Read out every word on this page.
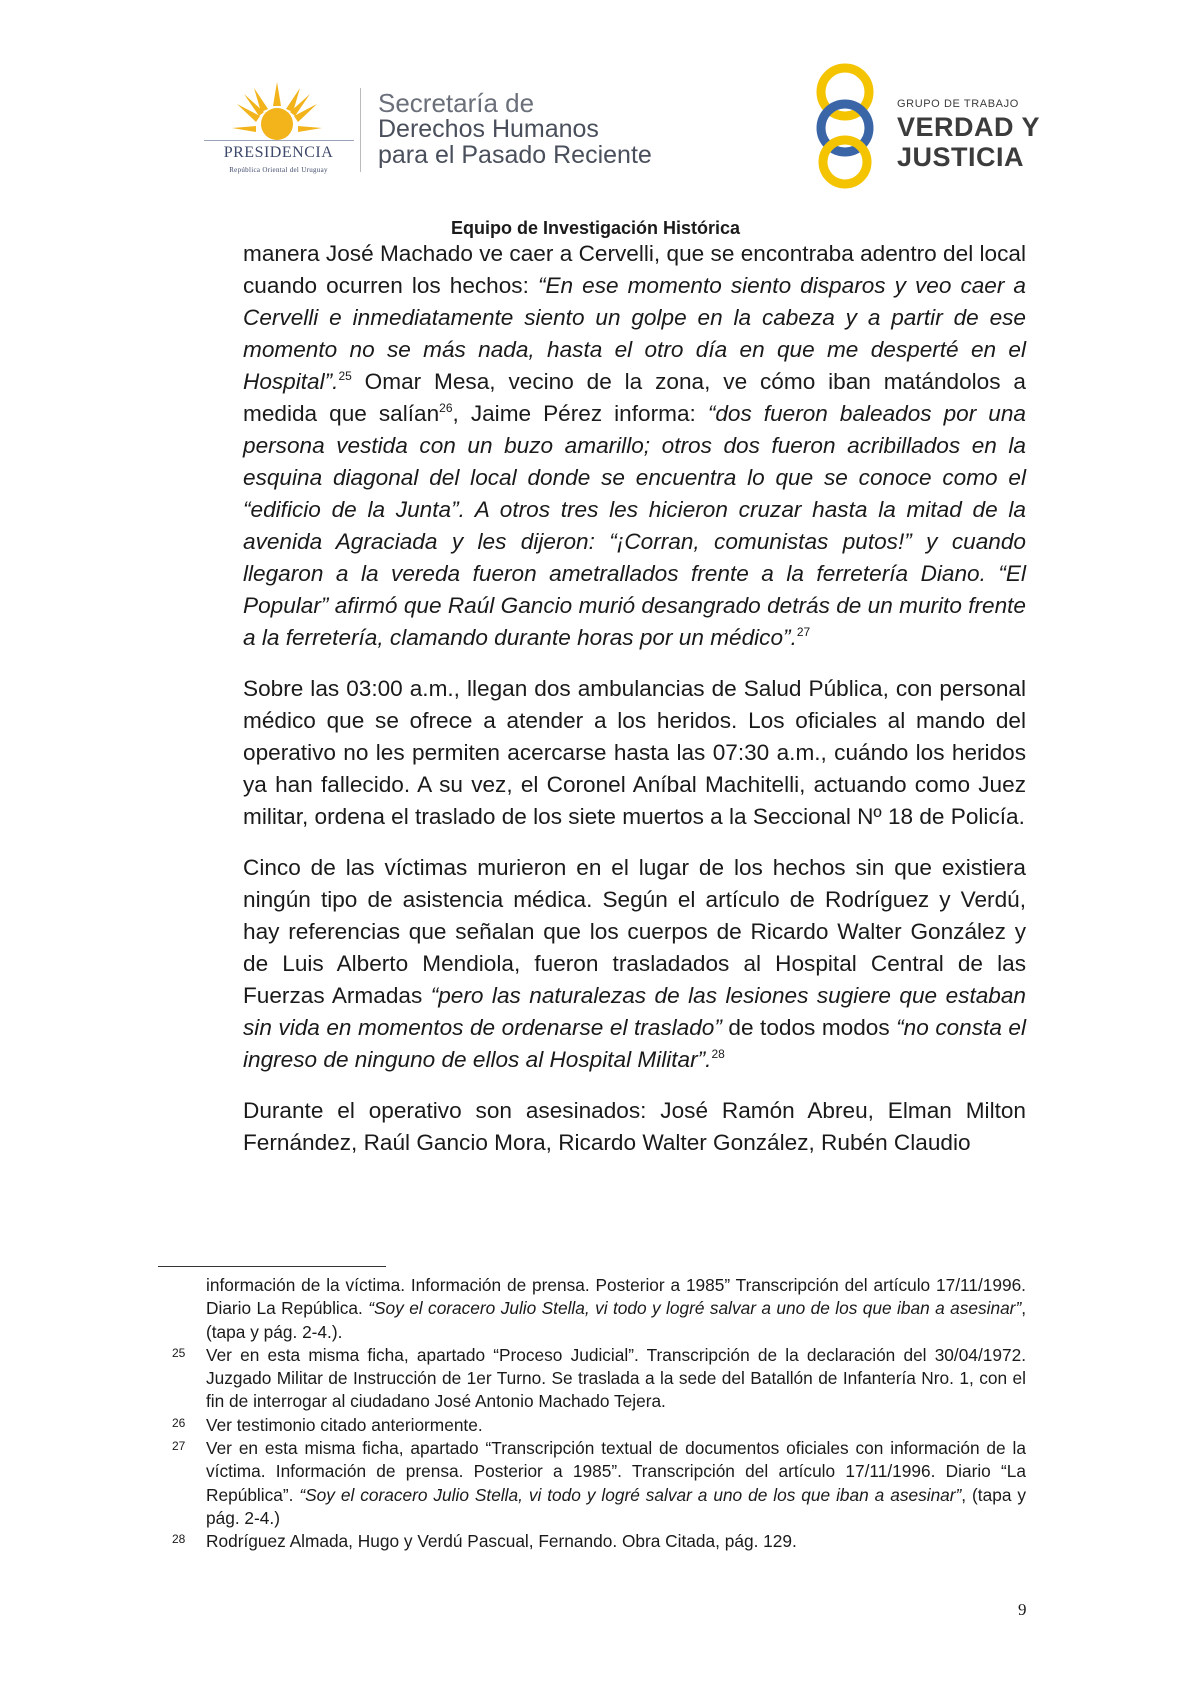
PRESIDENCIA
República Oriental del Uruguay
Secretaría de
Derechos Humanos
para el Pasado Reciente
GRUPO DE TRABAJO
VERDAD Y
JUSTICIA
Equipo de Investigación Histórica

manera José Machado ve caer a Cervelli, que se encontraba adentro del local cuando ocurren los hechos: “En ese momento siento disparos y veo caer a Cervelli e inmediatamente siento un golpe en la cabeza y a partir de ese momento no se más nada, hasta el otro día en que me desperté en el Hospital”.$^{25}$ Omar Mesa, vecino de la zona, ve cómo iban matándolos a medida que salían$^{26}$, Jaime Pérez informa: “dos fueron baleados por una persona vestida con un buzo amarillo; otros dos fueron acribillados en la esquina diagonal del local donde se encuentra lo que se conoce como el “edificio de la Junta”. A otros tres les hicieron cruzar hasta la mitad de la avenida Agraciada y les dijeron: “¡Corran, comunistas putos!” y cuando llegaron a la vereda fueron ametrallados frente a la ferretería Diano. “El Popular” afirmó que Raúl Gancio murió desangrado detrás de un murito frente a la ferretería, clamando durante horas por un médico”.$^{27}$

Sobre las 03:00 a.m., llegan dos ambulancias de Salud Pública, con personal médico que se ofrece a atender a los heridos. Los oficiales al mando del operativo no les permiten acercarse hasta las 07:30 a.m., cuándo los heridos ya han fallecido. A su vez, el Coronel Aníbal Machitelli, actuando como Juez militar, ordena el traslado de los siete muertos a la Seccional Nº 18 de Policía.

Cinco de las víctimas murieron en el lugar de los hechos sin que existiera ningún tipo de asistencia médica. Según el artículo de Rodríguez y Verdú, hay referencias que señalan que los cuerpos de Ricardo Walter González y de Luis Alberto Mendiola, fueron trasladados al Hospital Central de las Fuerzas Armadas “pero las naturalezas de las lesiones sugiere que estaban sin vida en momentos de ordenarse el traslado” de todos modos “no consta el ingreso de ninguno de ellos al Hospital Militar”.$^{28}$

Durante el operativo son asesinados: José Ramón Abreu, Elman Milton Fernández, Raúl Gancio Mora, Ricardo Walter González, Rubén Claudio

información de la víctima. Información de prensa. Posterior a 1985” Transcripción del artículo 17/11/1996. Diario La República. “Soy el coracero Julio Stella, vi todo y logré salvar a uno de los que iban a asesinar”, (tapa y pág. 2-4.).
25 Ver en esta misma ficha, apartado “Proceso Judicial”. Transcripción de la declaración del 30/04/1972. Juzgado Militar de Instrucción de 1er Turno. Se traslada a la sede del Batallón de Infantería Nro. 1, con el fin de interrogar al ciudadano José Antonio Machado Tejera.
26 Ver testimonio citado anteriormente.
27 Ver en esta misma ficha, apartado “Transcripción textual de documentos oficiales con información de la víctima. Información de prensa. Posterior a 1985”. Transcripción del artículo 17/11/1996. Diario “La República”. “Soy el coracero Julio Stella, vi todo y logré salvar a uno de los que iban a asesinar”, (tapa y pág. 2-4.)
28 Rodríguez Almada, Hugo y Verdú Pascual, Fernando. Obra Citada, pág. 129.
9
